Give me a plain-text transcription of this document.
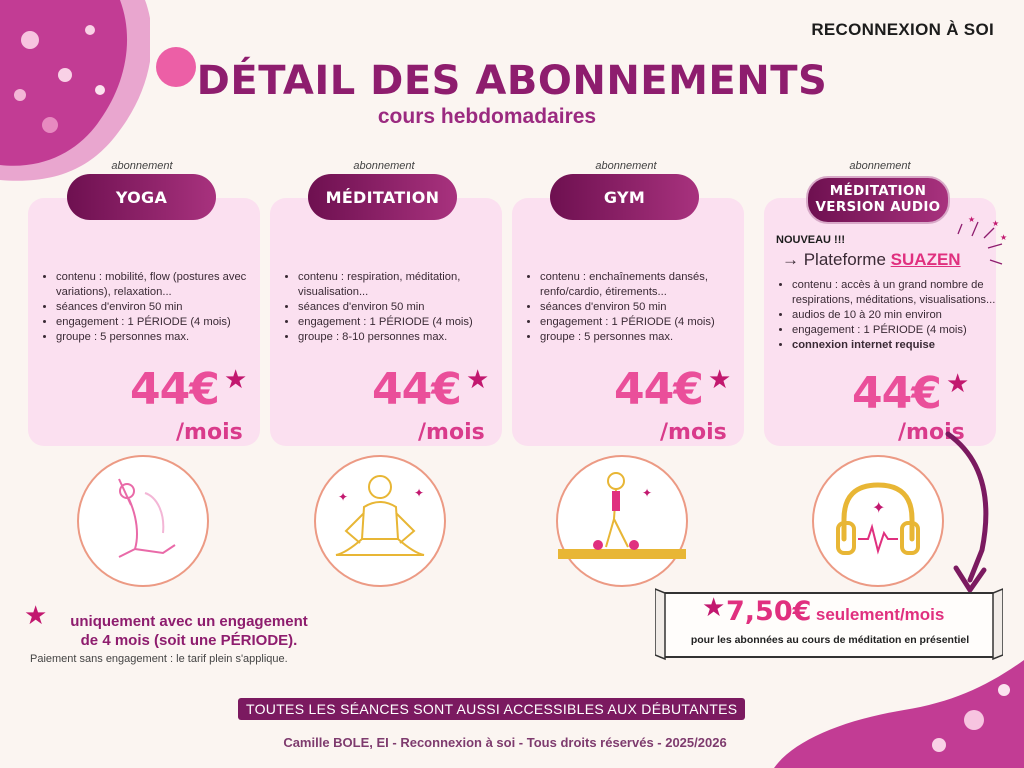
RECONNEXION À SOI
DÉTAIL DES ABONNEMENTS
cours hebdomadaires
abonnement
• contenu : mobilité, flow (postures avec variations), relaxation...
• séances d'environ 50 min
• engagement : 1 PÉRIODE (4 mois)
• groupe : 5 personnes max.
44€ ★
/mois
YOGA
abonnement
• contenu : respiration, méditation, visualisation...
• séances d'environ 50 min
• engagement : 1 PÉRIODE (4 mois)
• groupe : 8-10 personnes max.
44€ ★
/mois
MÉDITATION
abonnement
• contenu : enchaînements dansés, renfo/cardio, étirements...
• séances d'environ 50 min
• engagement : 1 PÉRIODE (4 mois)
• groupe : 5 personnes max.
44€ ★
/mois
GYM
abonnement
NOUVEAU !!!
→ Plateforme SUAZEN
• contenu : accès à un grand nombre de respirations, méditations, visualisations...
• audios de 10 à 20 min environ
• engagement : 1 PÉRIODE (4 mois)
• connexion internet requise
44€ ★
/mois
MÉDITATION
VERSION AUDIO
★ ★
★
✦	✦	✦
✦
★	uniquement avec un engagement
de 4 mois (soit une PÉRIODE).
Paiement sans engagement : le tarif plein s'applique.
★ 7,50€ seulement/mois
pour les abonnées au cours de méditation en présentiel
TOUTES LES SÉANCES SONT AUSSI ACCESSIBLES AUX DÉBUTANTES
Camille BOLE, EI - Reconnexion à soi - Tous droits réservés - 2025/2026
